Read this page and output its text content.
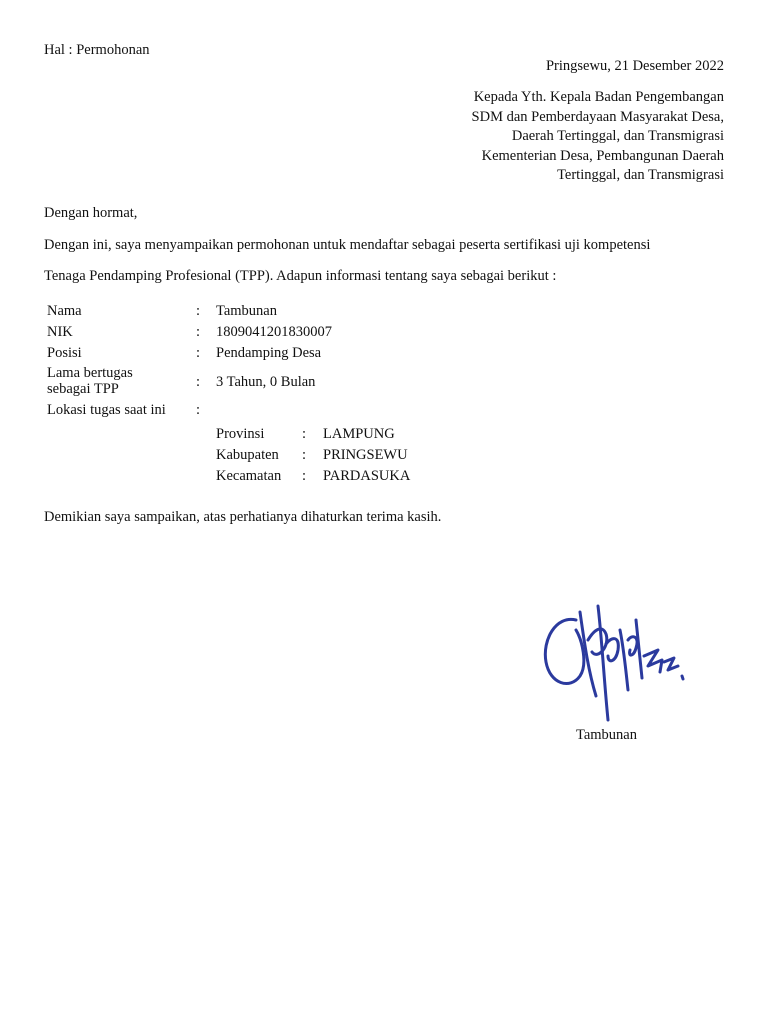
Hal : Permohonan
Pringsewu, 21 Desember 2022
Kepada Yth. Kepala Badan Pengembangan
SDM dan Pemberdayaan Masyarakat Desa,
Daerah Tertinggal, dan Transmigrasi
Kementerian Desa, Pembangunan Daerah
Tertinggal, dan Transmigrasi
Dengan hormat,
Dengan ini, saya menyampaikan permohonan untuk mendaftar sebagai peserta sertifikasi uji kompetensi
Tenaga Pendamping Profesional (TPP). Adapun informasi tentang saya sebagai berikut :
Nama	: Tambunan
NIK	: 1809041201830007
Posisi	: Pendamping Desa
Lama bertugas
sebagai TPP	: 3 Tahun, 0 Bulan
Lokasi tugas saat ini :
Provinsi	: LAMPUNG
Kabupaten : PRINGSEWU
Kecamatan : PARDASUKA
Demikian saya sampaikan, atas perhatianya dihaturkan terima kasih.
Tambunan
